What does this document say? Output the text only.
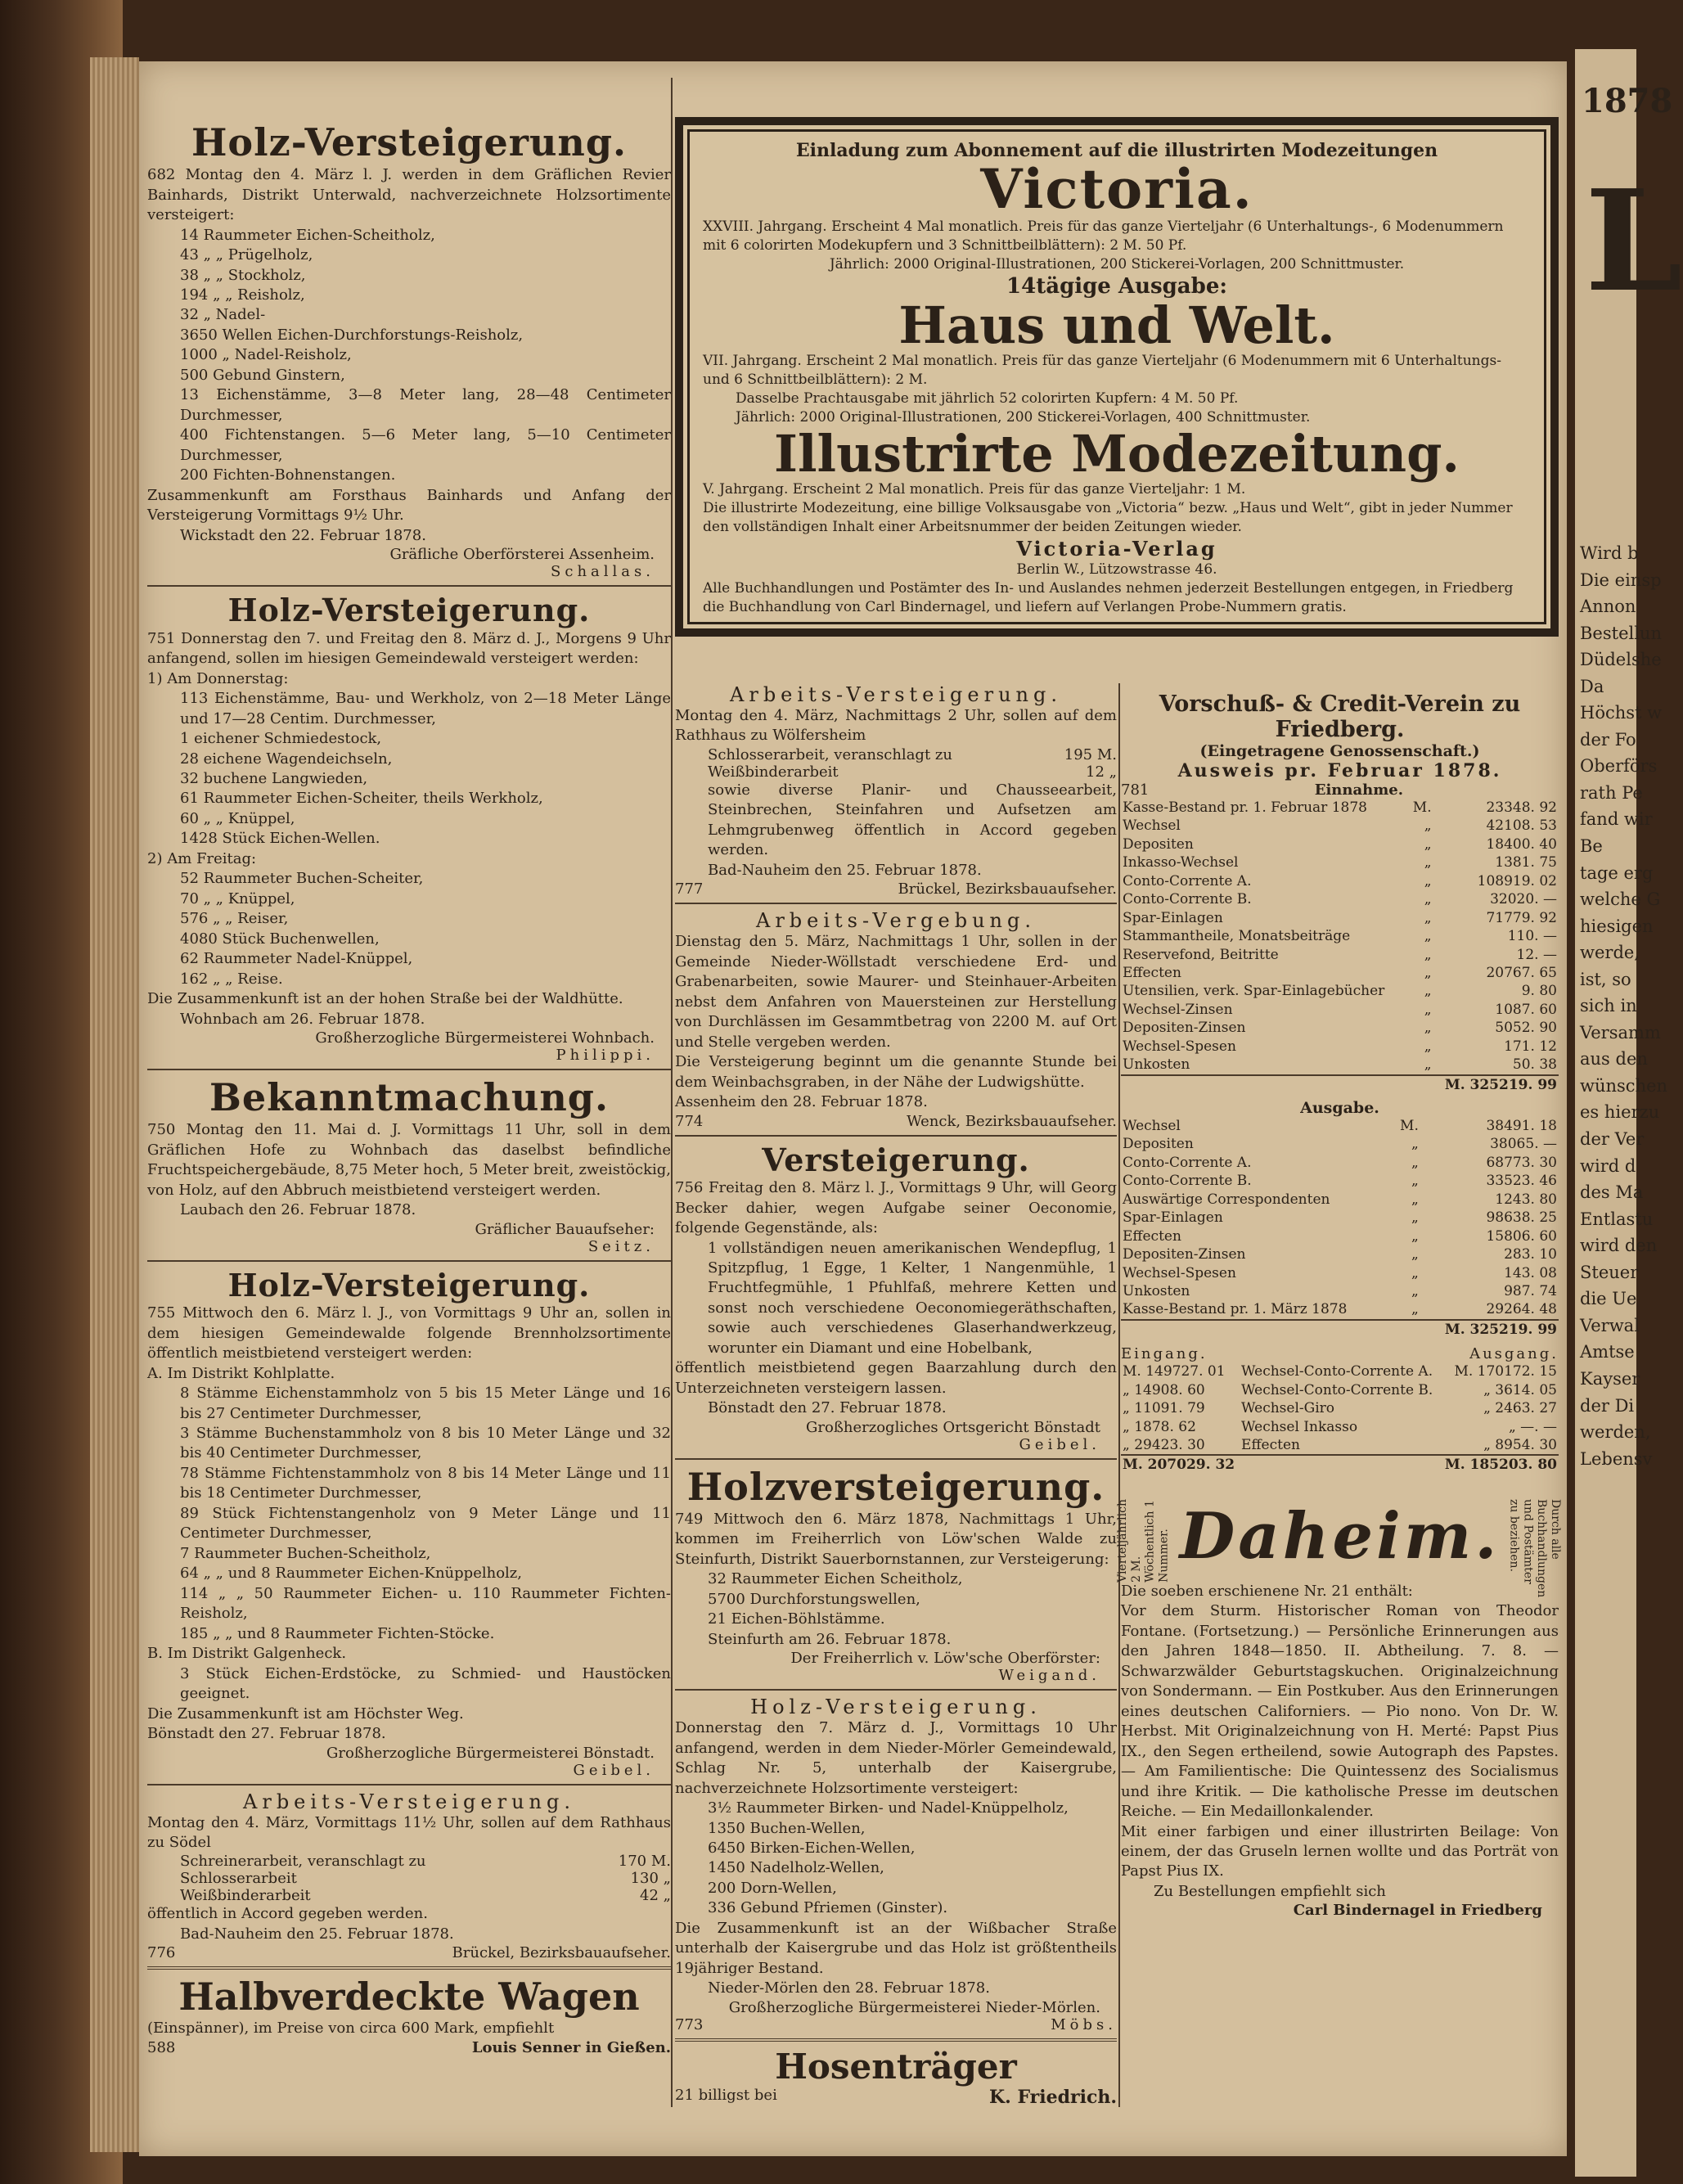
1878
L
Wird b
Die einsp
Annon
Bestellun
Düdelshe
Da
Höchst w
der Fo
Oberförs
rath Pe
fand wir
Be
tage erg
welche G
hiesigen
werde,
ist, so
sich in
Versamm
aus den
wünschen
es hierzu
der Ver
wird d
des Ma
Entlastu
wird den
Steuer
die Ue
Verwal
Amtse
Kayser
der Di
werden,
Lebensv
Holz-Versteigerung.

682 Montag den 4. März l. J. werden in dem Gräflichen Revier Bainhards, Distrikt Unterwald, nachverzeichnete Holzsortimente versteigert:

14 Raummeter Eichen-Scheitholz,
43 „ „ Prügelholz,
38 „ „ Stockholz,
194 „ „ Reisholz,
32 „ Nadel-
3650 Wellen Eichen-Durchforstungs-Reisholz,
1000 „ Nadel-Reisholz,
500 Gebund Ginstern,
13 Eichenstämme, 3—8 Meter lang, 28—48 Centimeter Durchmesser,
400 Fichtenstangen. 5—6 Meter lang, 5—10 Centimeter Durchmesser,
200 Fichten-Bohnenstangen.

Zusammenkunft am Forsthaus Bainhards und Anfang der Versteigerung Vormittags 9½ Uhr.

Wickstadt den 22. Februar 1878.

Gräfliche Oberförsterei Assenheim.
Schallas.
Holz-Versteigerung.

751 Donnerstag den 7. und Freitag den 8. März d. J., Morgens 9 Uhr anfangend, sollen im hiesigen Gemeindewald versteigert werden:

1) Am Donnerstag:
113 Eichenstämme, Bau- und Werkholz, von 2—18 Meter Länge und 17—28 Centim. Durchmesser,
1 eichener Schmiedestock,
28 eichene Wagendeichseln,
32 buchene Langwieden,
61 Raummeter Eichen-Scheiter, theils Werkholz,
60 „ „ Knüppel,
1428 Stück Eichen-Wellen.
2) Am Freitag:
52 Raummeter Buchen-Scheiter,
70 „ „ Knüppel,
576 „ „ Reiser,
4080 Stück Buchenwellen,
62 Raummeter Nadel-Knüppel,
162 „ „ Reise.

Die Zusammenkunft ist an der hohen Straße bei der Waldhütte.

Wohnbach am 26. Februar 1878.

Großherzogliche Bürgermeisterei Wohnbach.
Philippi.
Bekanntmachung.

750 Montag den 11. Mai d. J. Vormittags 11 Uhr, soll in dem Gräflichen Hofe zu Wohnbach das daselbst befindliche Fruchtspeichergebäude, 8,75 Meter hoch, 5 Meter breit, zweistöckig, von Holz, auf den Abbruch meistbietend versteigert werden.

Laubach den 26. Februar 1878.

Gräflicher Bauaufseher:
Seitz.
Holz-Versteigerung.

755 Mittwoch den 6. März l. J., von Vormittags 9 Uhr an, sollen in dem hiesigen Gemeindewalde folgende Brennholzsortimente öffentlich meistbietend versteigert werden:

A. Im Distrikt Kohlplatte.
8 Stämme Eichenstammholz von 5 bis 15 Meter Länge und 16 bis 27 Centimeter Durchmesser,
3 Stämme Buchenstammholz von 8 bis 10 Meter Länge und 32 bis 40 Centimeter Durchmesser,
78 Stämme Fichtenstammholz von 8 bis 14 Meter Länge und 11 bis 18 Centimeter Durchmesser,
89 Stück Fichtenstangenholz von 9 Meter Länge und 11 Centimeter Durchmesser,
7 Raummeter Buchen-Scheitholz,
64 „ „ und 8 Raummeter Eichen-Knüppelholz,
114 „ „ 50 Raummeter Eichen- u. 110 Raummeter Fichten-Reisholz,
185 „ „ und 8 Raummeter Fichten-Stöcke.
B. Im Distrikt Galgenheck.
3 Stück Eichen-Erdstöcke, zu Schmied- und Haustöcken geeignet.

Die Zusammenkunft ist am Höchster Weg.

Bönstadt den 27. Februar 1878.

Großherzogliche Bürgermeisterei Bönstadt.
Geibel.
Arbeits-Versteigerung.

Montag den 4. März, Vormittags 11½ Uhr, sollen auf dem Rathhaus zu Södel

Schreinerarbeit, veranschlagt zu	170 M.
Schlosserarbeit	130 „
Weißbinderarbeit	42 „

öffentlich in Accord gegeben werden.

Bad-Nauheim den 25. Februar 1878.

776	Brückel, Bezirksbauaufseher.
Halbverdeckte Wagen

(Einspänner), im Preise von circa 600 Mark, empfiehlt

588	Louis Senner in Gießen.
Einladung zum Abonnement auf die illustrirten Modezeitungen
Victoria.

XXVIII. Jahrgang. Erscheint 4 Mal monatlich. Preis für das ganze Vierteljahr (6 Unterhaltungs-, 6 Modenummern mit 6 colorirten Modekupfern und 3 Schnittbeilblättern): 2 M. 50 Pf.

Jährlich: 2000 Original-Illustrationen, 200 Stickerei-Vorlagen, 200 Schnittmuster.

14tägige Ausgabe:
Haus und Welt.

VII. Jahrgang. Erscheint 2 Mal monatlich. Preis für das ganze Vierteljahr (6 Modenummern mit 6 Unterhaltungs- und 6 Schnittbeilblättern): 2 M.

Dasselbe Prachtausgabe mit jährlich 52 colorirten Kupfern: 4 M. 50 Pf.

Jährlich: 2000 Original-Illustrationen, 200 Stickerei-Vorlagen, 400 Schnittmuster.

Illustrirte Modezeitung.

V. Jahrgang. Erscheint 2 Mal monatlich. Preis für das ganze Vierteljahr: 1 M.

Die illustrirte Modezeitung, eine billige Volksausgabe von „Victoria“ bezw. „Haus und Welt“, gibt in jeder Nummer den vollständigen Inhalt einer Arbeitsnummer der beiden Zeitungen wieder.

Victoria-Verlag

Berlin W., Lützowstrasse 46.

Alle Buchhandlungen und Postämter des In- und Auslandes nehmen jederzeit Bestellungen entgegen, in Friedberg die Buchhandlung von Carl Bindernagel, und liefern auf Verlangen Probe-Nummern gratis.

Arbeits-Versteigerung.

Montag den 4. März, Nachmittags 2 Uhr, sollen auf dem Rathhaus zu Wölfersheim

Schlosserarbeit, veranschlagt zu	195 M.
Weißbinderarbeit	12 „

sowie diverse Planir- und Chausseearbeit, Steinbrechen, Steinfahren und Aufsetzen am Lehmgrubenweg öffentlich in Accord gegeben werden.

Bad-Nauheim den 25. Februar 1878.

777	Brückel, Bezirksbauaufseher.
Arbeits-Vergebung.

Dienstag den 5. März, Nachmittags 1 Uhr, sollen in der Gemeinde Nieder-Wöllstadt verschiedene Erd- und Grabenarbeiten, sowie Maurer- und Steinhauer-Arbeiten nebst dem Anfahren von Mauersteinen zur Herstellung von Durchlässen im Gesammtbetrag von 2200 M. auf Ort und Stelle vergeben werden.

Die Versteigerung beginnt um die genannte Stunde bei dem Weinbachsgraben, in der Nähe der Ludwigshütte.

Assenheim den 28. Februar 1878.

774	Wenck, Bezirksbauaufseher.
Versteigerung.

756 Freitag den 8. März l. J., Vormittags 9 Uhr, will Georg Becker dahier, wegen Aufgabe seiner Oeconomie, folgende Gegenstände, als:

1 vollständigen neuen amerikanischen Wendepflug, 1 Spitzpflug, 1 Egge, 1 Kelter, 1 Nangenmühle, 1 Fruchtfegmühle, 1 Pfuhlfaß, mehrere Ketten und sonst noch verschiedene Oeconomiegeräthschaften, sowie auch verschiedenes Glaserhandwerkzeug, worunter ein Diamant und eine Hobelbank,

öffentlich meistbietend gegen Baarzahlung durch den Unterzeichneten versteigern lassen.

Bönstadt den 27. Februar 1878.

Großherzogliches Ortsgericht Bönstadt
Geibel.
Holzversteigerung.

749 Mittwoch den 6. März 1878, Nachmittags 1 Uhr, kommen im Freiherrlich von Löw'schen Walde zu Steinfurth, Distrikt Sauerbornstannen, zur Versteigerung:

32 Raummeter Eichen Scheitholz,
5700 Durchforstungswellen,
21 Eichen-Böhlstämme.

Steinfurth am 26. Februar 1878.

Der Freiherrlich v. Löw'sche Oberförster:
Weigand.
Holz-Versteigerung.

Donnerstag den 7. März d. J., Vormittags 10 Uhr anfangend, werden in dem Nieder-Mörler Gemeindewald, Schlag Nr. 5, unterhalb der Kaisergrube, nachverzeichnete Holzsortimente versteigert:

3½ Raummeter Birken- und Nadel-Knüppelholz,
1350 Buchen-Wellen,
6450 Birken-Eichen-Wellen,
1450 Nadelholz-Wellen,
200 Dorn-Wellen,
336 Gebund Pfriemen (Ginster).

Die Zusammenkunft ist an der Wißbacher Straße unterhalb der Kaisergrube und das Holz ist größtentheils 19jähriger Bestand.

Nieder-Mörlen den 28. Februar 1878.

Großherzogliche Bürgermeisterei Nieder-Mörlen.
773	Möbs.
Hosenträger
21 billigst bei	K. Friedrich.
Vorschuß- & Credit-Verein zu Friedberg.
(Eingetragene Genossenschaft.)
Ausweis pr. Februar 1878.
781	Einnahme.
Kasse-Bestand pr. 1. Februar 1878	M.	23348. 92
Wechsel	„	42108. 53
Depositen	„	18400. 40
Inkasso-Wechsel	„	1381. 75
Conto-Corrente A.	„	108919. 02
Conto-Corrente B.	„	32020. —
Spar-Einlagen	„	71779. 92
Stammantheile, Monatsbeiträge	„	110. —
Reservefond, Beitritte	„	12. —
Effecten	„	20767. 65
Utensilien, verk. Spar-Einlagebücher	„	9. 80
Wechsel-Zinsen	„	1087. 60
Depositen-Zinsen	„	5052. 90
Wechsel-Spesen	„	171. 12
Unkosten	„	50. 38
		M. 325219. 99
Ausgabe.
Wechsel	M.	38491. 18
Depositen	„	38065. —
Conto-Corrente A.	„	68773. 30
Conto-Corrente B.	„	33523. 46
Auswärtige Correspondenten	„	1243. 80
Spar-Einlagen	„	98638. 25
Effecten	„	15806. 60
Depositen-Zinsen	„	283. 10
Wechsel-Spesen	„	143. 08
Unkosten	„	987. 74
Kasse-Bestand pr. 1. März 1878	„	29264. 48
		M. 325219. 99
Eingang.	Ausgang.
M. 149727. 01	Wechsel-Conto-Corrente A.	M. 170172. 15
„ 14908. 60	Wechsel-Conto-Corrente B.	„ 3614. 05
„ 11091. 79	Wechsel-Giro	„ 2463. 27
„ 1878. 62	Wechsel Inkasso	„ —. —
„ 29423. 30	Effecten	„ 8954. 30
M. 207029. 32		M. 185203. 80
Vierteljährlich 2 M. Wöchentlich 1 Nummer.	Durch alle Buchhandlungen und Postämter zu beziehen.
Daheim.

Die soeben erschienene Nr. 21 enthält:

Vor dem Sturm. Historischer Roman von Theodor Fontane. (Fortsetzung.) — Persönliche Erinnerungen aus den Jahren 1848—1850. II. Abtheilung. 7. 8. — Schwarzwälder Geburtstagskuchen. Originalzeichnung von Sondermann. — Ein Postkuber. Aus den Erinnerungen eines deutschen Californiers. — Pio nono. Von Dr. W. Herbst. Mit Originalzeichnung von H. Merté: Papst Pius IX., den Segen ertheilend, sowie Autograph des Papstes. — Am Familientische: Die Quintessenz des Socialismus und ihre Kritik. — Die katholische Presse im deutschen Reiche. — Ein Medaillonkalender.

Mit einer farbigen und einer illustrirten Beilage: Von einem, der das Gruseln lernen wollte und das Porträt von Papst Pius IX.

Zu Bestellungen empfiehlt sich

Carl Bindernagel in Friedberg
